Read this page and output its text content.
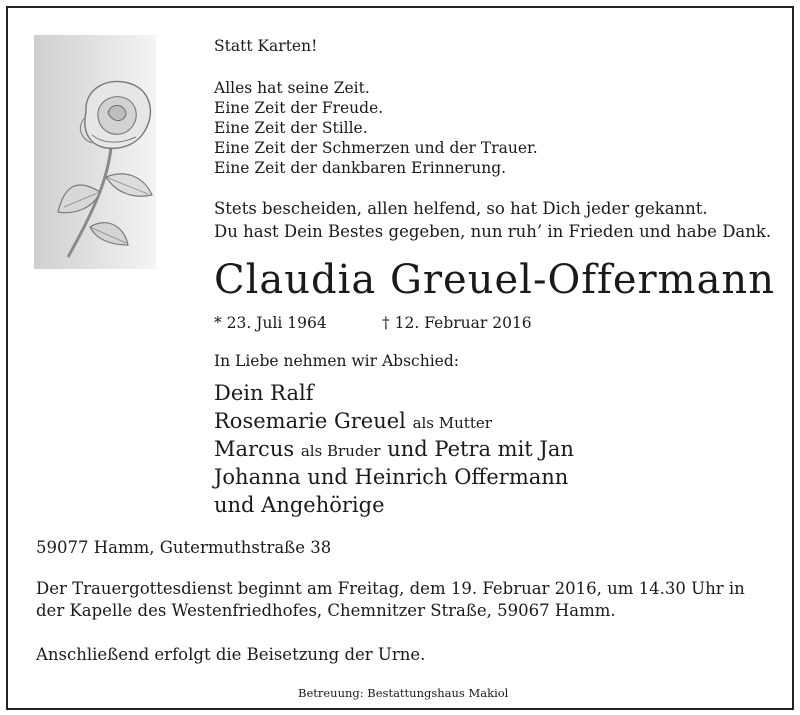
Statt Karten!
Alles hat seine Zeit.
Eine Zeit der Freude.
Eine Zeit der Stille.
Eine Zeit der Schmerzen und der Trauer.
Eine Zeit der dankbaren Erinnerung.
Stets bescheiden, allen helfend, so hat Dich jeder gekannt.
Du hast Dein Bestes gegeben, nun ruh’ in Frieden und habe Dank.
Claudia Greuel-Offermann
* 23. Juli 1964	† 12. Februar 2016
In Liebe nehmen wir Abschied:
Dein Ralf
Rosemarie Greuel als Mutter
Marcus als Bruder und Petra mit Jan
Johanna und Heinrich Offermann
und Angehörige
59077 Hamm, Gutermuthstraße 38
Der Trauergottesdienst beginnt am Freitag, dem 19. Februar 2016, um 14.30 Uhr in
der Kapelle des Westenfriedhofes, Chemnitzer Straße, 59067 Hamm.
Anschließend erfolgt die Beisetzung der Urne.
Betreuung: Bestattungshaus Makiol
